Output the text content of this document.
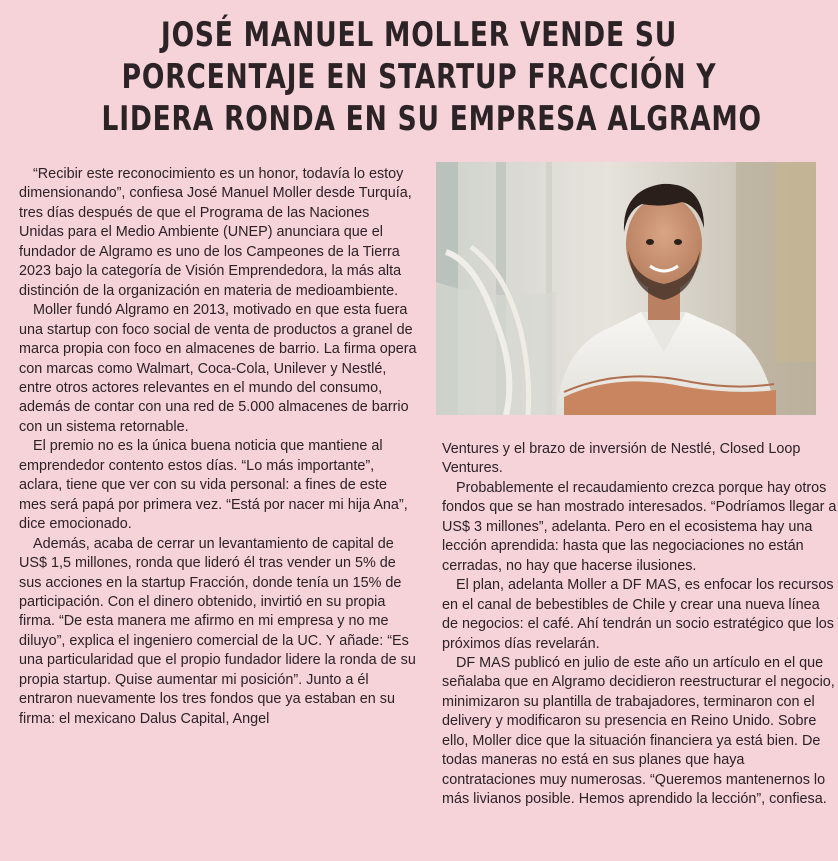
JOSÉ MANUEL MOLLER VENDE SU
PORCENTAJE EN STARTUP FRACCIÓN Y
LIDERA RONDA EN SU EMPRESA ALGRAMO

“Recibir este reconocimiento es un honor, todavía lo estoy dimensionando”, confiesa José Manuel Moller desde Turquía, tres días después de que el Programa de las Naciones Unidas para el Medio Ambiente (UNEP) anunciara que el fundador de Algramo es uno de los Campeones de la Tierra 2023 bajo la categoría de Visión Emprendedora, la más alta distinción de la organización en materia de medioambiente.

Moller fundó Algramo en 2013, motivado en que esta fuera una startup con foco social de venta de productos a granel de marca propia con foco en almacenes de barrio. La firma opera con marcas como Walmart, Coca-Cola, Unilever y Nestlé, entre otros actores relevantes en el mundo del consumo, además de contar con una red de 5.000 almacenes de barrio con un sistema retornable.

El premio no es la única buena noticia que mantiene al emprendedor contento estos días. “Lo más importante”, aclara, tiene que ver con su vida personal: a fines de este mes será papá por primera vez. “Está por nacer mi hija Ana”, dice emocionado.

Además, acaba de cerrar un levantamiento de capital de US$ 1,5 millones, ronda que lideró él tras vender un 5% de sus acciones en la startup Fracción, donde tenía un 15% de participación. Con el dinero obtenido, invirtió en su propia firma. “De esta manera me afirmo en mi empresa y no me diluyo”, explica el ingeniero comercial de la UC. Y añade: “Es una particularidad que el propio fundador lidere la ronda de su propia startup. Quise aumentar mi posición”. Junto a él entraron nuevamente los tres fondos que ya estaban en su firma: el mexicano Dalus Capital, Angel

Ventures y el brazo de inversión de Nestlé, Closed Loop Ventures.

Probablemente el recaudamiento crezca porque hay otros fondos que se han mostrado interesados. “Podríamos llegar a US$ 3 millones”, adelanta. Pero en el ecosistema hay una lección aprendida: hasta que las negociaciones no están cerradas, no hay que hacerse ilusiones.

El plan, adelanta Moller a DF MAS, es enfocar los recursos en el canal de bebestibles de Chile y crear una nueva línea de negocios: el café. Ahí tendrán un socio estratégico que los próximos días revelarán.

DF MAS publicó en julio de este año un artículo en el que señalaba que en Algramo decidieron reestructurar el negocio, minimizaron su plantilla de trabajadores, terminaron con el delivery y modificaron su presencia en Reino Unido. Sobre ello, Moller dice que la situación financiera ya está bien. De todas maneras no está en sus planes que haya contrataciones muy numerosas. “Queremos mantenernos lo más livianos posible. Hemos aprendido la lección”, confiesa.
